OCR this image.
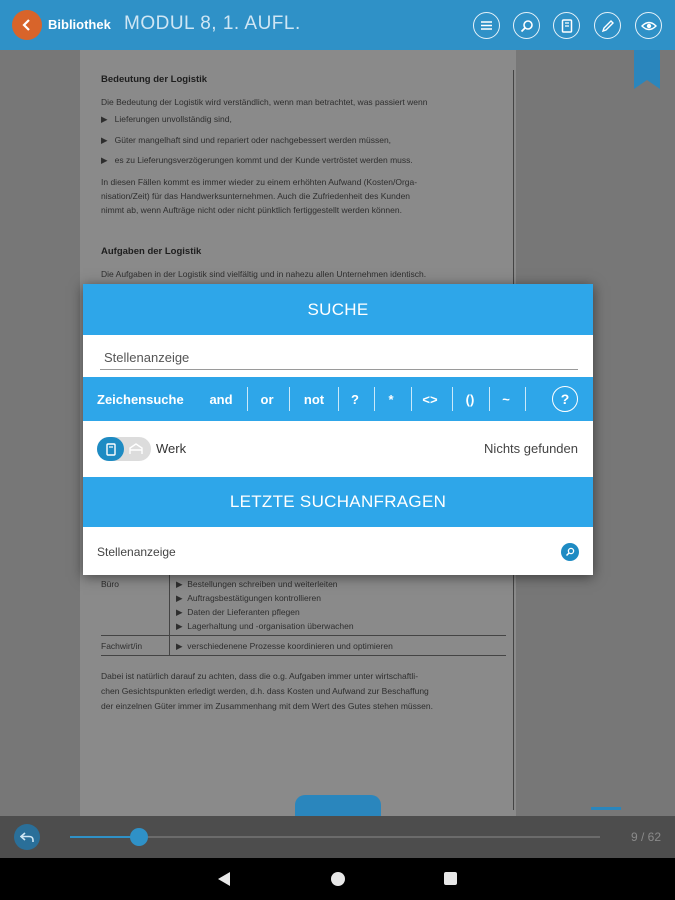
Bibliothek MODUL 8, 1. AUFL.
Bedeutung der Logistik
Die Bedeutung der Logistik wird verständlich, wenn man betrachtet, was passiert wenn
▶   Lieferungen unvollständig sind,
▶   Güter mangelhaft sind und repariert oder nachgebessert werden müssen,
▶   es zu Lieferungsverzögerungen kommt und der Kunde vertröstet werden muss.
In diesen Fällen kommt es immer wieder zu einem erhöhten Aufwand (Kosten/Orga-
nisation/Zeit) für das Handwerksunternehmen. Auch die Zufriedenheit des Kunden
nimmt ab, wenn Aufträge nicht oder nicht pünktlich fertiggestellt werden können.
Aufgaben der Logistik
Die Aufgaben in der Logistik sind vielfältig und in nahezu allen Unternehmen identisch.
Büro	▶  Bestellungen schreiben und weiterleiten
▶  Auftragsbestätigungen kontrollieren
▶  Daten der Lieferanten pflegen
▶  Lagerhaltung und -organisation überwachen
Fachwirt/in	▶  verschiedenene Prozesse koordinieren und optimieren
Dabei ist natürlich darauf zu achten, dass die o.g. Aufgaben immer unter wirtschaftli-
chen Gesichtspunkten erledigt werden, d.h. dass Kosten und Aufwand zur Beschaffung
der einzelnen Güter immer im Zusammenhang mit dem Wert des Gutes stehen müssen.
9 / 62
SUCHE
Stellenanzeige
Zeichensuche	and	or	not	?	*	<>	()	~	?
Werk	Nichts gefunden
LETZTE SUCHANFRAGEN
Stellenanzeige
